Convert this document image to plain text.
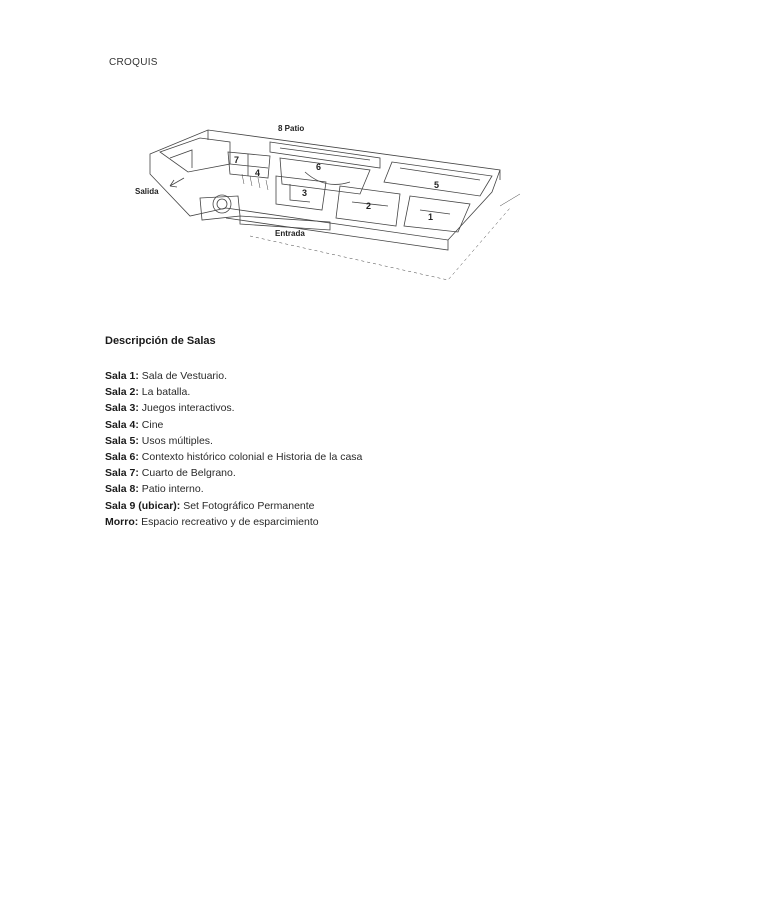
CROQUIS
8 Patio
Salida
Entrada
1
2
3
4
5
6
7
Descripción de Salas
Sala 1: Sala de Vestuario.
Sala 2: La batalla.
Sala 3: Juegos interactivos.
Sala 4: Cine
Sala 5: Usos múltiples.
Sala 6: Contexto histórico colonial e Historia de la casa
Sala 7: Cuarto de Belgrano.
Sala 8: Patio interno.
Sala 9 (ubicar): Set Fotográfico Permanente
Morro: Espacio recreativo y de esparcimiento
